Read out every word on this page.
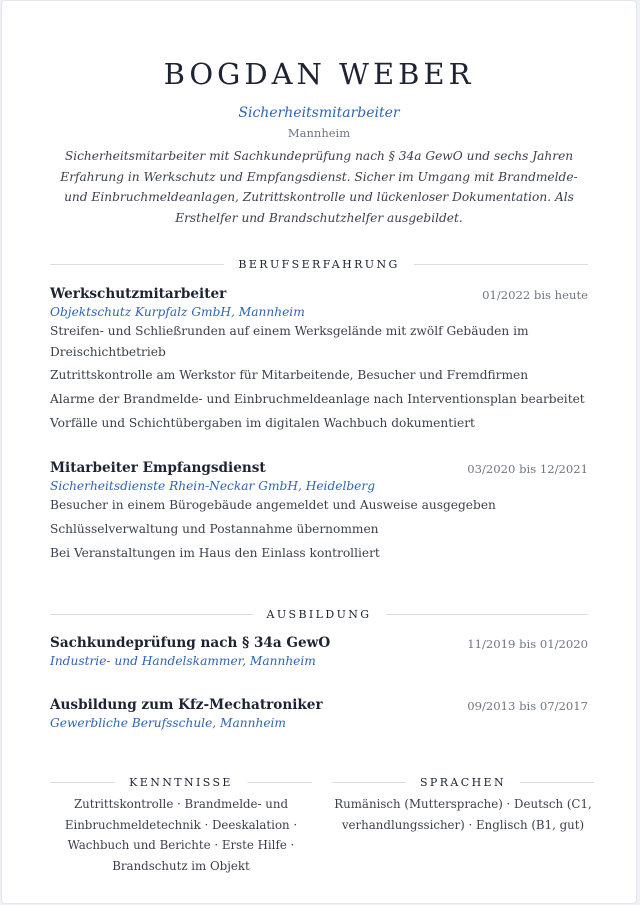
BOGDAN WEBER
Sicherheitsmitarbeiter
Mannheim
Sicherheitsmitarbeiter mit Sachkundeprüfung nach § 34a GewO und sechs Jahren Erfahrung in Werkschutz und Empfangsdienst. Sicher im Umgang mit Brandmelde- und Einbruchmeldeanlagen, Zutrittskontrolle und lückenloser Dokumentation. Als Ersthelfer und Brandschutzhelfer ausgebildet.
BERUFSERFAHRUNG
Werkschutzmitarbeiter	01/2022 bis heute
Objektschutz Kurpfalz GmbH, Mannheim
Streifen- und Schließrunden auf einem Werksgelände mit zwölf Gebäuden im Dreischichtbetrieb
Zutrittskontrolle am Werkstor für Mitarbeitende, Besucher und Fremdfirmen
Alarme der Brandmelde- und Einbruchmeldeanlage nach Interventionsplan bearbeitet
Vorfälle und Schichtübergaben im digitalen Wachbuch dokumentiert
Mitarbeiter Empfangsdienst	03/2020 bis 12/2021
Sicherheitsdienste Rhein-Neckar GmbH, Heidelberg
Besucher in einem Bürogebäude angemeldet und Ausweise ausgegeben
Schlüsselverwaltung und Postannahme übernommen
Bei Veranstaltungen im Haus den Einlass kontrolliert
AUSBILDUNG
Sachkundeprüfung nach § 34a GewO	11/2019 bis 01/2020
Industrie- und Handelskammer, Mannheim
Ausbildung zum Kfz-Mechatroniker	09/2013 bis 07/2017
Gewerbliche Berufsschule, Mannheim
KENNTNISSE
Zutrittskontrolle · Brandmelde- und Einbruchmeldetechnik · Deeskalation · Wachbuch und Berichte · Erste Hilfe · Brandschutz im Objekt
SPRACHEN
Rumänisch (Muttersprache) · Deutsch (C1, verhandlungssicher) · Englisch (B1, gut)
